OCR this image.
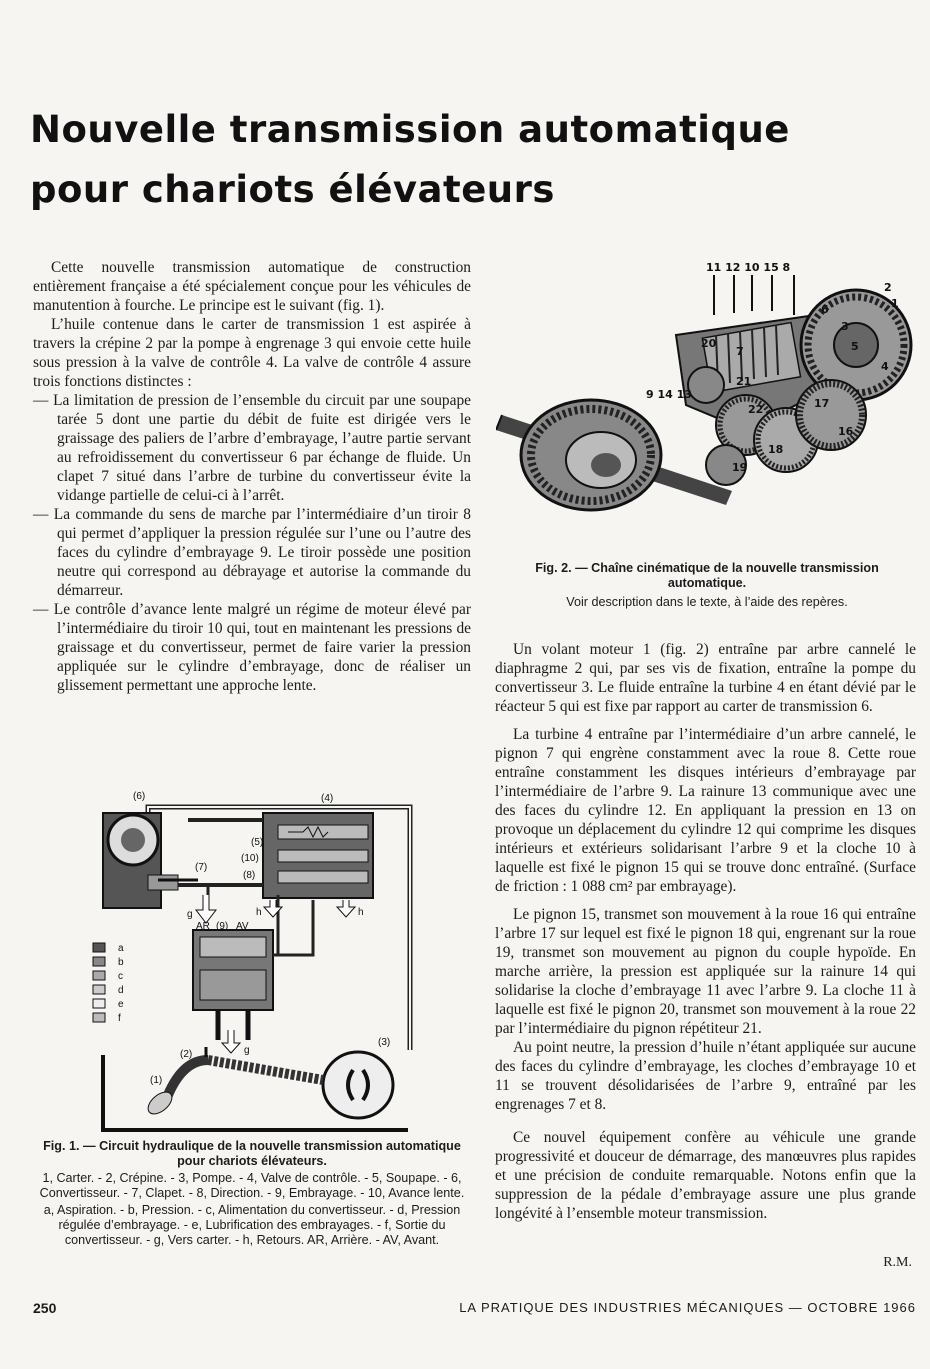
Nouvelle transmission automatique
pour chariots élévateurs

Cette nouvelle transmission automatique de construction entièrement française a été spécialement conçue pour les véhicules de manutention à fourche. Le principe est le suivant (fig. 1).

L’huile contenue dans le carter de transmission 1 est aspirée à travers la crépine 2 par la pompe à engrenage 3 qui envoie cette huile sous pression à la valve de contrôle 4. La valve de contrôle 4 assure trois fonctions distinctes :

— La limitation de pression de l’ensemble du circuit par une soupape tarée 5 dont une partie du débit de fuite est dirigée vers le graissage des paliers de l’arbre d’embrayage, l’autre partie servant au refroidissement du convertisseur 6 par échange de fluide. Un clapet 7 situé dans l’arbre de turbine du convertisseur évite la vidange partielle de celui-ci à l’arrêt.

— La commande du sens de marche par l’intermédiaire d’un tiroir 8 qui permet d’appliquer la pression régulée sur l’une ou l’autre des faces du cylindre d’embrayage 9. Le tiroir possède une position neutre qui correspond au débrayage et autorise la commande du démarreur.

— Le contrôle d’avance lente malgré un régime de moteur élevé par l’intermédiaire du tiroir 10 qui, tout en maintenant les pressions de graissage et du convertisseur, permet de faire varier la pression appliquée sur le cylindre d’embrayage, donc de réaliser un glissement permettant une approche lente.

11 12 10 15 8
20
9 14 13
21
22	17
16
18
19
6
5
3
4
2
1
7
Fig. 2. — Chaîne cinématique de la nouvelle transmission automatique.
Voir description dans le texte, à l’aide des repères.
a
b
c
d
e
f
(6)	(4)
(5)
(10)
(8)
(7)
g	h	h
AR (9) AV
g
(2)
(1)
(3)
Fig. 1. — Circuit hydraulique de la nouvelle transmission automatique pour chariots élévateurs.
1, Carter. - 2, Crépine. - 3, Pompe. - 4, Valve de contrôle. - 5, Soupape. - 6, Convertisseur. - 7, Clapet. - 8, Direction. - 9, Embrayage. - 10, Avance lente.
a, Aspiration. - b, Pression. - c, Alimentation du convertisseur. - d, Pression régulée d’embrayage. - e, Lubrification des embrayages. - f, Sortie du convertisseur. - g, Vers carter. - h, Retours. AR, Arrière. - AV, Avant.

Un volant moteur 1 (fig. 2) entraîne par arbre cannelé le diaphragme 2 qui, par ses vis de fixation, entraîne la pompe du convertisseur 3. Le fluide entraîne la turbine 4 en étant dévié par le réacteur 5 qui est fixe par rapport au carter de transmission 6.

La turbine 4 entraîne par l’intermédiaire d’un arbre cannelé, le pignon 7 qui engrène constamment avec la roue 8. Cette roue entraîne constamment les disques intérieurs d’embrayage par l’intermédiaire de l’arbre 9. La rainure 13 communique avec une des faces du cylindre 12. En appliquant la pression en 13 on provoque un déplacement du cylindre 12 qui comprime les disques intérieurs et extérieurs solidarisant l’arbre 9 et la cloche 10 à laquelle est fixé le pignon 15 qui se trouve donc entraîné. (Surface de friction : 1 088 cm² par embrayage).

Le pignon 15, transmet son mouvement à la roue 16 qui entraîne l’arbre 17 sur lequel est fixé le pignon 18 qui, engrenant sur la roue 19, transmet son mouvement au pignon du couple hypoïde. En marche arrière, la pression est appliquée sur la rainure 14 qui solidarise la cloche d’embrayage 11 avec l’arbre 9. La cloche 11 à laquelle est fixé le pignon 20, transmet son mouvement à la roue 22 par l’intermédiaire du pignon répétiteur 21.

Au point neutre, la pression d’huile n’étant appliquée sur aucune des faces du cylindre d’embrayage, les cloches d’embrayage 10 et 11 se trouvent désolidarisées de l’arbre 9, entraîné par les engrenages 7 et 8.

Ce nouvel équipement confère au véhicule une grande progressivité et douceur de démarrage, des manœuvres plus rapides et une précision de conduite remarquable. Notons enfin que la suppression de la pédale d’embrayage assure une plus grande longévité à l’ensemble moteur transmission.

R.M.
250	LA PRATIQUE DES INDUSTRIES MÉCANIQUES — OCTOBRE 1966
